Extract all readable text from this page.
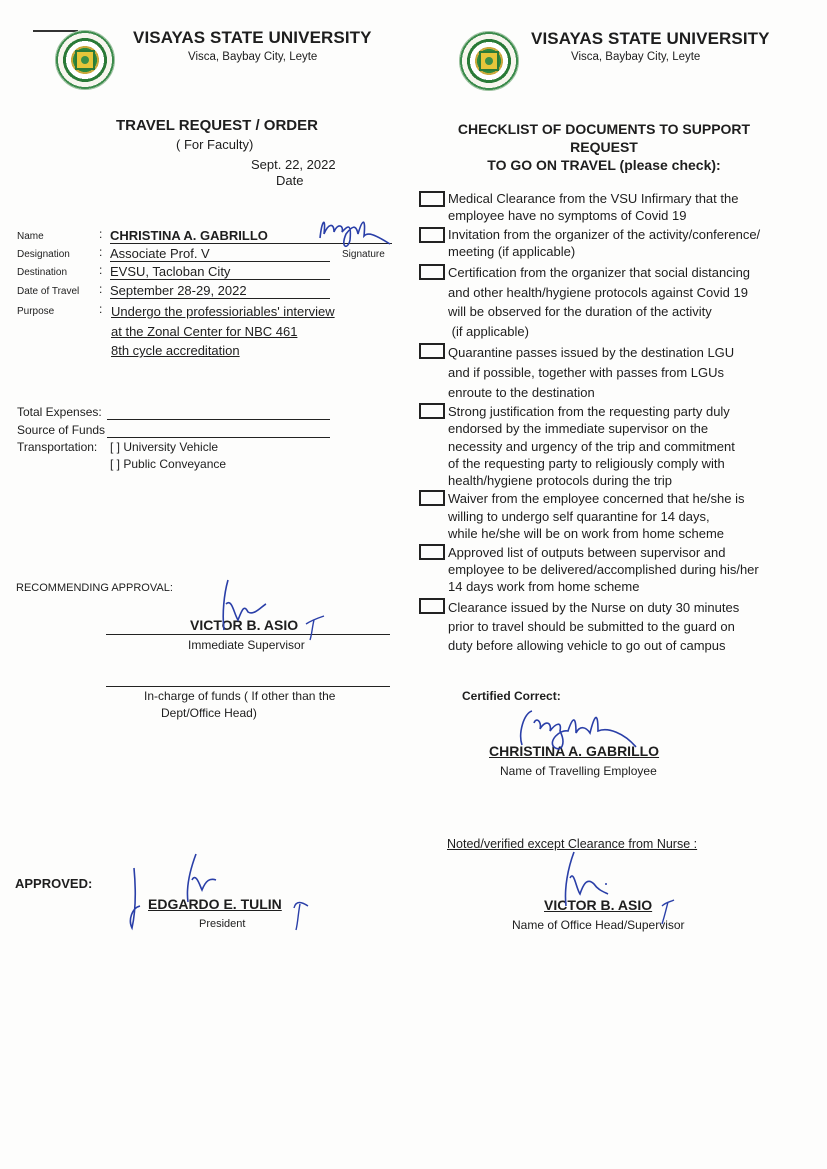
VISAYAS STATE UNIVERSITY
Visca, Baybay City, Leyte
VISAYAS STATE UNIVERSITY
Visca, Baybay City, Leyte
TRAVEL REQUEST / ORDER
( For Faculty)
Sept. 22, 2022
Date
Name	: CHRISTINA A. GABRILLO
Signature
Designation : Associate Prof. V
Destination	: EVSU, Tacloban City
Date of Travel : September 28-29, 2022
Purpose	: Undergo the professioriables' interview
at the Zonal Center for NBC 461
8th cycle accreditation
Total Expenses:
Source of Funds
Transportation: [ ] University Vehicle
[ ] Public Conveyance
RECOMMENDING APPROVAL:
VICTOR B. ASIO
Immediate Supervisor
In-charge of funds ( If other than the
Dept/Office Head)
APPROVED:
EDGARDO E. TULIN
President
CHECKLIST OF DOCUMENTS TO SUPPORT REQUEST
TO GO ON TRAVEL (please check):
Medical Clearance from the VSU Infirmary that the
employee have no symptoms of Covid 19
Invitation from the organizer of the activity/conference/
meeting (if applicable)
Certification from the organizer that social distancing
and other health/hygiene protocols against Covid 19
will be observed for the duration of the activity
(if applicable)
Quarantine passes issued by the destination LGU
and if possible, together with passes from LGUs
enroute to the destination
Strong justification from the requesting party duly
endorsed by the immediate supervisor on the
necessity and urgency of the trip and commitment
of the requesting party to religiously comply with
health/hygiene protocols during the trip
Waiver from the employee concerned that he/she is
willing to undergo self quarantine for 14 days,
while he/she will be on work from home scheme
Approved list of outputs between supervisor and
employee to be delivered/accomplished during his/her
14 days work from home scheme
Clearance issued by the Nurse on duty 30 minutes
prior to travel should be submitted to the guard on
duty before allowing vehicle to go out of campus
Certified Correct:
CHRISTINA A. GABRILLO
Name of Travelling Employee
Noted/verified except Clearance from Nurse :
VICTOR B. ASIO
Name of Office Head/Supervisor
